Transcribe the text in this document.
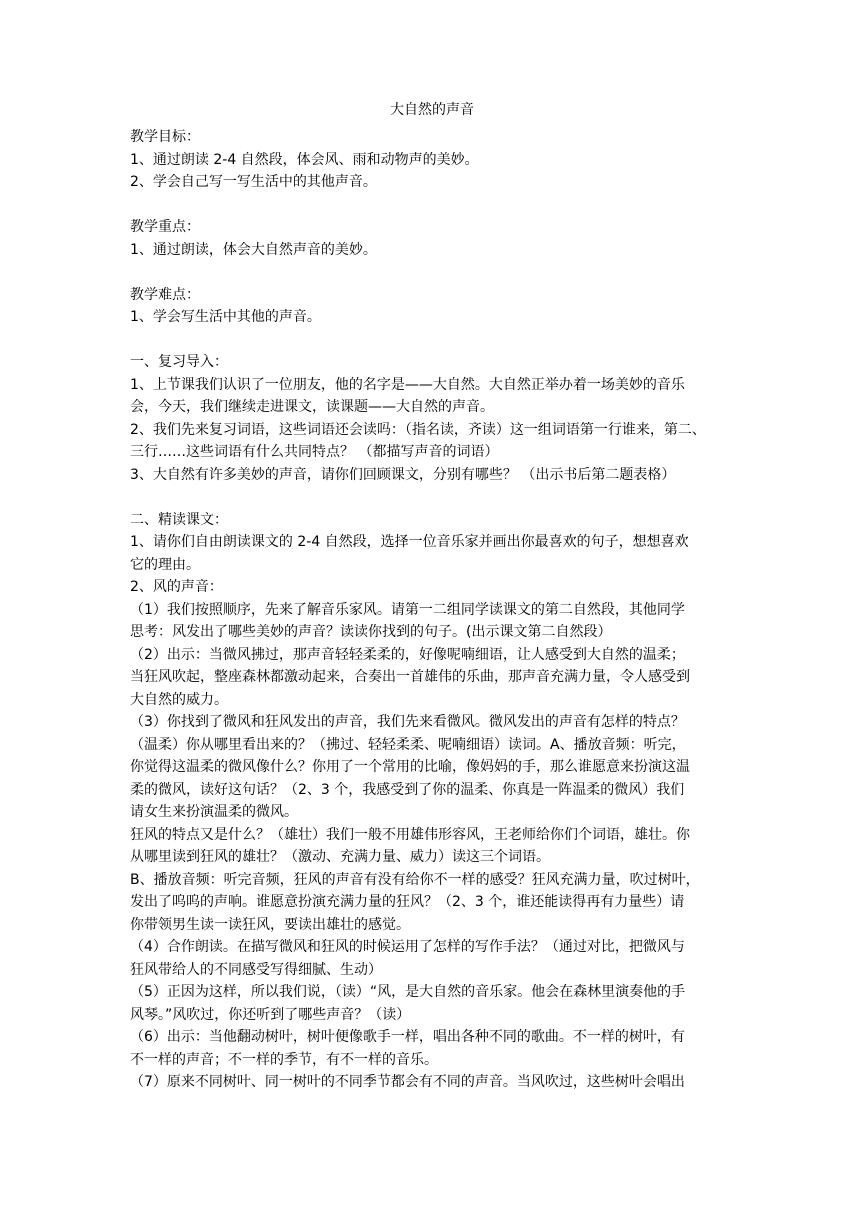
大自然的声音
教学目标：
1、通过朗读 2-4 自然段，体会风、雨和动物声的美妙。
2、学会自己写一写生活中的其他声音。
教学重点：
1、通过朗读，体会大自然声音的美妙。
教学难点：
1、学会写生活中其他的声音。
一、复习导入：
1、上节课我们认识了一位朋友，他的名字是——大自然。大自然正举办着一场美妙的音乐
会，今天，我们继续走进课文，读课题——大自然的声音。
2、我们先来复习词语，这些词语还会读吗：（指名读，齐读）这一组词语第一行谁来，第二、
三行……这些词语有什么共同特点？ （都描写声音的词语）
3、大自然有许多美妙的声音，请你们回顾课文，分别有哪些？ （出示书后第二题表格）
二、精读课文：
1、请你们自由朗读课文的 2-4 自然段，选择一位音乐家并画出你最喜欢的句子，想想喜欢
它的理由。
2、风的声音：
（1）我们按照顺序，先来了解音乐家风。请第一二组同学读课文的第二自然段，其他同学
思考：风发出了哪些美妙的声音？读读你找到的句子。(出示课文第二自然段）
（2）出示：当微风拂过，那声音轻轻柔柔的，好像呢喃细语，让人感受到大自然的温柔；
当狂风吹起，整座森林都激动起来，合奏出一首雄伟的乐曲，那声音充满力量，令人感受到
大自然的威力。
（3）你找到了微风和狂风发出的声音，我们先来看微风。微风发出的声音有怎样的特点？
（温柔）你从哪里看出来的？（拂过、轻轻柔柔、呢喃细语）读词。A、播放音频：听完，
你觉得这温柔的微风像什么？你用了一个常用的比喻，像妈妈的手，那么谁愿意来扮演这温
柔的微风，读好这句话？（2、3 个，我感受到了你的温柔、你真是一阵温柔的微风）我们
请女生来扮演温柔的微风。
狂风的特点又是什么？（雄壮）我们一般不用雄伟形容风，王老师给你们个词语，雄壮。你
从哪里读到狂风的雄壮？（激动、充满力量、威力）读这三个词语。
B、播放音频：听完音频，狂风的声音有没有给你不一样的感受？狂风充满力量，吹过树叶，
发出了呜呜的声响。谁愿意扮演充满力量的狂风？（2、3 个，谁还能读得再有力量些）请
你带领男生读一读狂风，要读出雄壮的感觉。
（4）合作朗读。在描写微风和狂风的时候运用了怎样的写作手法？（通过对比，把微风与
狂风带给人的不同感受写得细腻、生动）
（5）正因为这样，所以我们说，（读）“风，是大自然的音乐家。他会在森林里演奏他的手
风琴。”风吹过，你还听到了哪些声音？（读）
（6）出示：当他翻动树叶，树叶便像歌手一样，唱出各种不同的歌曲。不一样的树叶，有
不一样的声音；不一样的季节，有不一样的音乐。
（7）原来不同树叶、同一树叶的不同季节都会有不同的声音。当风吹过，这些树叶会唱出
